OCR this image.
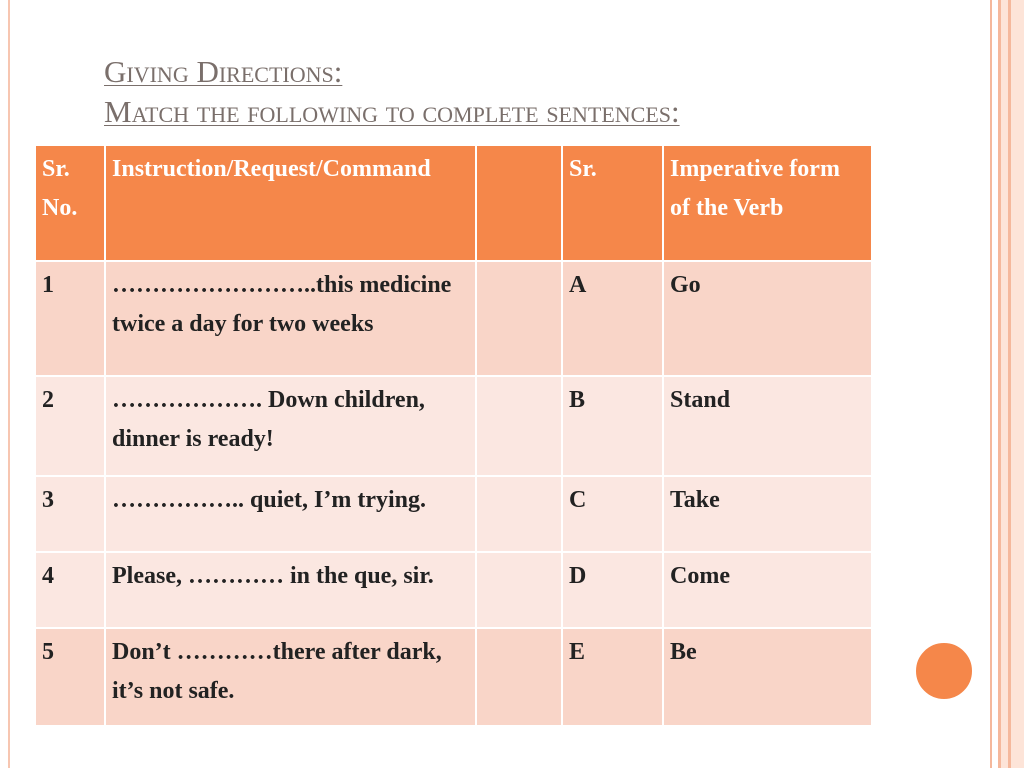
Giving Directions:
Match the following to complete sentences:
Sr. No.	Instruction/Request/Command		Sr.	Imperative form of the Verb
1	……………………..this medicine twice a day for two weeks		A	Go
2	………………. Down children, dinner is ready!		B	Stand
3	…………….. quiet, I’m trying.		C	Take
4	Please, ………… in the que, sir.		D	Come
5	Don’t …………there after dark, it’s not safe.		E	Be
